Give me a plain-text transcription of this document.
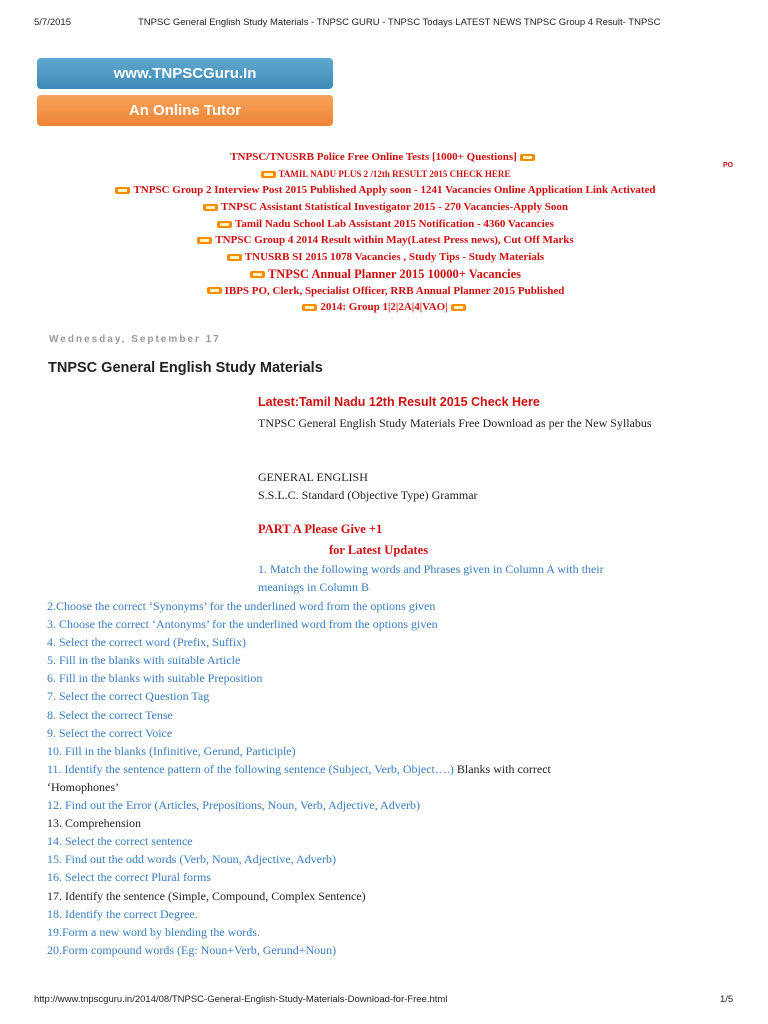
5/7/2015	TNPSC General English Study Materials - TNPSC GURU - TNPSC Todays LATEST NEWS TNPSC Group 4 Result- TNPSC
www.TNPSCGuru.In
An Online Tutor
PO
TNPSC/TNUSRB Police Free Online Tests [1000+ Questions]
TAMIL NADU PLUS 2 /12th RESULT 2015 CHECK HERE
TNPSC Group 2 Interview Post 2015 Published Apply soon - 1241 Vacancies Online Application Link Activated
TNPSC Assistant Statistical Investigator 2015 - 270 Vacancies-Apply Soon
Tamil Nadu School Lab Assistant 2015 Notification - 4360 Vacancies
TNPSC Group 4 2014 Result within May(Latest Press news), Cut Off Marks
TNUSRB SI 2015 1078 Vacancies , Study Tips - Study Materials
TNPSC Annual Planner 2015 10000+ Vacancies
IBPS PO, Clerk, Specialist Officer, RRB Annual Planner 2015 Published
2014: Group 1|2|2A|4|VAO|
Wednesday, September 17
TNPSC General English Study Materials
Latest:Tamil Nadu 12th Result 2015 Check Here
TNPSC General English Study Materials Free Download as per the New Syllabus
GENERAL ENGLISH
S.S.L.C. Standard (Objective Type) Grammar
PART A Please Give +1
for Latest Updates
1. Match the following words and Phrases given in Column A with their meanings in Column B
2.Choose the correct ‘Synonyms’ for the underlined word from the options given
3. Choose the correct ‘Antonyms’ for the underlined word from the options given
4. Select the correct word (Prefix, Suffix)
5. Fill in the blanks with suitable Article
6. Fill in the blanks with suitable Preposition
7. Select the correct Question Tag
8. Select the correct Tense
9. Select the correct Voice
10. Fill in the blanks (Infinitive, Gerund, Participle)
11. Identify the sentence pattern of the following sentence (Subject, Verb, Object….) Blanks with correct
‘Homophones’
12. Find out the Error (Articles, Prepositions, Noun, Verb, Adjective, Adverb)
13. Comprehension
14. Select the correct sentence
15. Find out the odd words (Verb, Noun, Adjective, Adverb)
16. Select the correct Plural forms
17. Identify the sentence (Simple, Compound, Complex Sentence)
18. Identify the correct Degree.
19.Form a new word by blending the words.
20.Form compound words (Eg: Noun+Verb, Gerund+Noun)
http://www.tnpscguru.in/2014/08/TNPSC-General-English-Study-Materials-Download-for-Free.html	1/5
